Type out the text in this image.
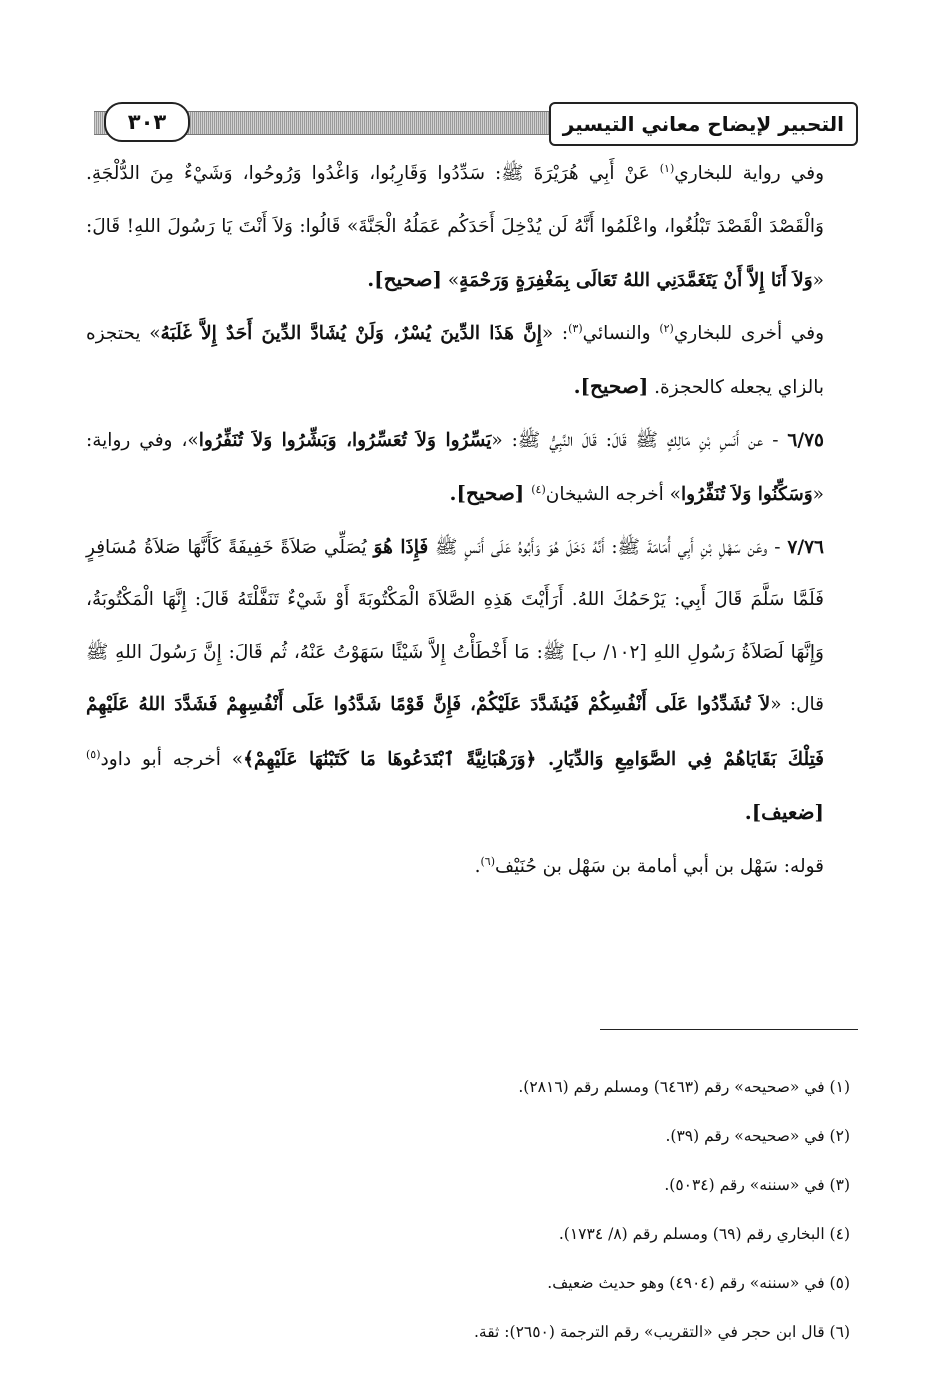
التحبير لإيضاح معاني التيسير
٣٠٣

وفي رواية للبخاري$^{(١)}$ عَنْ أَبِي هُرَيْرَةَ ﷺ: سَدِّدُوا وَقَارِبُوا، وَاغْدُوا وَرُوحُوا، وَشَيْءٌ مِنَ الدُّلْجَةِ. وَالْقَصْدَ الْقَصْدَ تَبْلُغُوا، واعْلَمُوا أَنَّهُ لَن يُدْخِلَ أَحَدَكُم عَمَلُهُ الْجَنَّةَ» قَالُوا: وَلاَ أَنْتَ يَا رَسُولَ اللهِ! قَالَ: «وَلاَ أَنَا إِلاَّ أَنْ يَتَغَمَّدَنِي اللهُ تَعَالَى بِمَغْفِرَةٍ وَرَحْمَةٍ» [صحيح].

وفي أخرى للبخاري$^{(٢)}$ والنسائي$^{(٣)}$: «إِنَّ هَذَا الدِّينَ يُسْرٌ، وَلَنْ يُشَادَّ الدِّينَ أَحَدٌ إِلاَّ غَلَبَهُ» يحتجزه بالزاي يجعله كالحجزة. [صحيح].

٦/٧٥ - عن أَنَسِ بْنِ مَالِكٍ ﷺ قَالَ: قَالَ النَّبِيُّ ﷺ: «يَسِّرُوا وَلاَ تُعَسِّرُوا، وَبَشِّرُوا وَلاَ تُنَفِّرُوا»، وفي رواية: «وَسَكِّنُوا وَلاَ تُنَفِّرُوا» أخرجه الشيخان$^{(٤)}$ [صحيح].

٧/٧٦ - وعَن سَهْلِ بْنِ أَبِي أُمَامَةَ ﷺ: أَنَّهُ دَخَلَ هُوَ وَأَبُوهُ عَلَى أَنَسٍ ﷺ فَإِذَا هُوَ يُصَلِّي صَلاَةً خَفِيفَةً كَأَنَّهَا صَلاَةُ مُسَافِرٍ فَلَمَّا سَلَّمَ قَالَ أَبِي: يَرْحَمُكَ اللهُ. أَرَأَيْتَ هَذِهِ الصَّلاَةَ الْمَكْتُوبَةَ أَوْ شَيْءٌ تَنَفَّلْتَهُ قَالَ: إِنَّهَا الْمَكْتُوبَةُ، وَإِنَّهَا لَصَلاَةُ رَسُولِ اللهِ [١٠٢/ ب] ﷺ: مَا أَخْطَأْتُ إِلاَّ شَيْئًا سَهَوْتُ عَنْهُ، ثُم قَالَ: إِنَّ رَسُولَ اللهِ ﷺ قال: «لاَ تُشَدِّدُوا عَلَى أَنْفُسِكُمْ فَيُشَدَّدَ عَلَيْكُمْ، فَإِنَّ قَوْمًا شَدَّدُوا عَلَى أَنْفُسِهِمْ فَشَدَّدَ اللهُ عَلَيْهِمْ فَتِلْكَ بَقَايَاهُمْ فِي الصَّوَامِعِ وَالدِّيَارِ. ﴿وَرَهْبَانِيَّةً ٱبْتَدَعُوهَا مَا كَتَبْنَٰهَا عَلَيْهِمْ﴾» أخرجه أبو داود$^{(٥)}$ [ضعيف].

قوله: سَهْل بن أبي أمامة بن سَهْل بن حُنَيْف$^{(٦)}$.

(١) في «صحيحه» رقم (٦٤٦٣) ومسلم رقم (٢٨١٦).

(٢) في «صحيحه» رقم (٣٩).

(٣) في «سننه» رقم (٥٠٣٤).

(٤) البخاري رقم (٦٩) ومسلم رقم (٨/ ١٧٣٤).

(٥) في «سننه» رقم (٤٩٠٤) وهو حديث ضعيف.

(٦) قال ابن حجر في «التقريب» رقم الترجمة (٢٦٥٠): ثقة.
